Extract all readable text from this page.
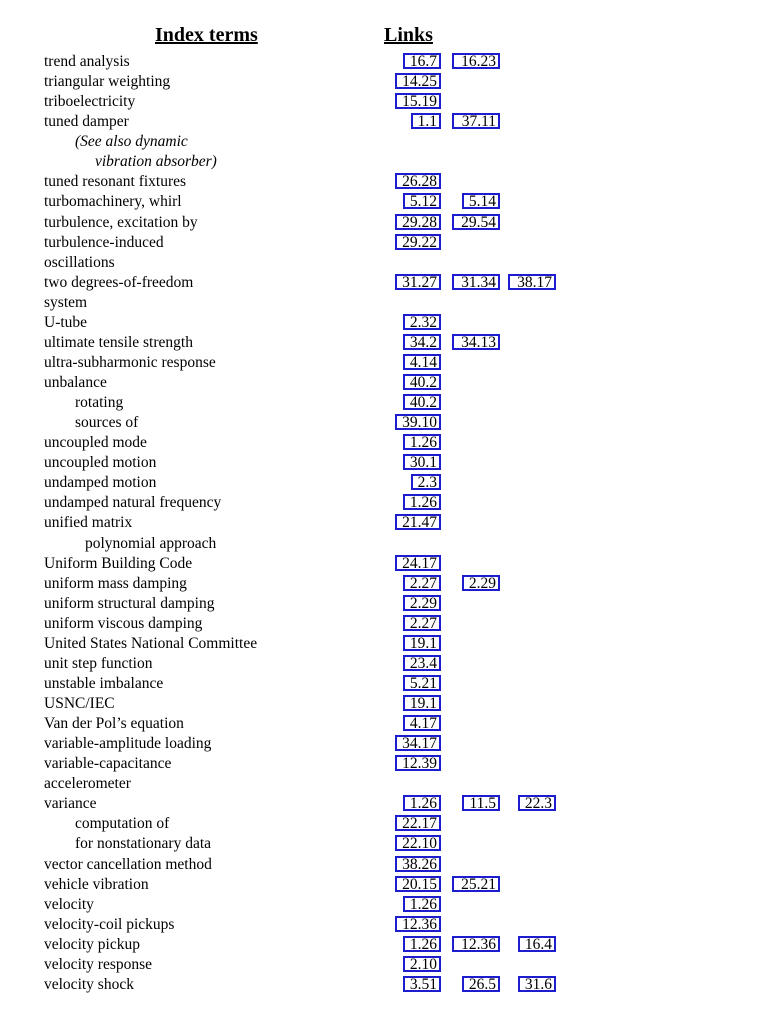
Index terms	Links
trend analysis	16.7	16.23
triangular weighting	14.25
triboelectricity	15.19
tuned damper	1.1	37.11
(See also dynamic
vibration absorber)
tuned resonant fixtures	26.28
turbomachinery, whirl	5.12	5.14
turbulence, excitation by	29.28	29.54
turbulence-induced	29.22
oscillations
two degrees-of-freedom	31.27	31.34	38.17
system
U-tube	2.32
ultimate tensile strength	34.2	34.13
ultra-subharmonic response	4.14
unbalance	40.2
rotating	40.2
sources of	39.10
uncoupled mode	1.26
uncoupled motion	30.1
undamped motion	2.3
undamped natural frequency	1.26
unified matrix	21.47
polynomial approach
Uniform Building Code	24.17
uniform mass damping	2.27	2.29
uniform structural damping	2.29
uniform viscous damping	2.27
United States National Committee	19.1
unit step function	23.4
unstable imbalance	5.21
USNC/IEC	19.1
Van der Pol’s equation	4.17
variable-amplitude loading	34.17
variable-capacitance	12.39
accelerometer
variance	1.26	11.5	22.3
computation of	22.17
for nonstationary data	22.10
vector cancellation method	38.26
vehicle vibration	20.15	25.21
velocity	1.26
velocity-coil pickups	12.36
velocity pickup	1.26	12.36	16.4
velocity response	2.10
velocity shock	3.51	26.5	31.6
